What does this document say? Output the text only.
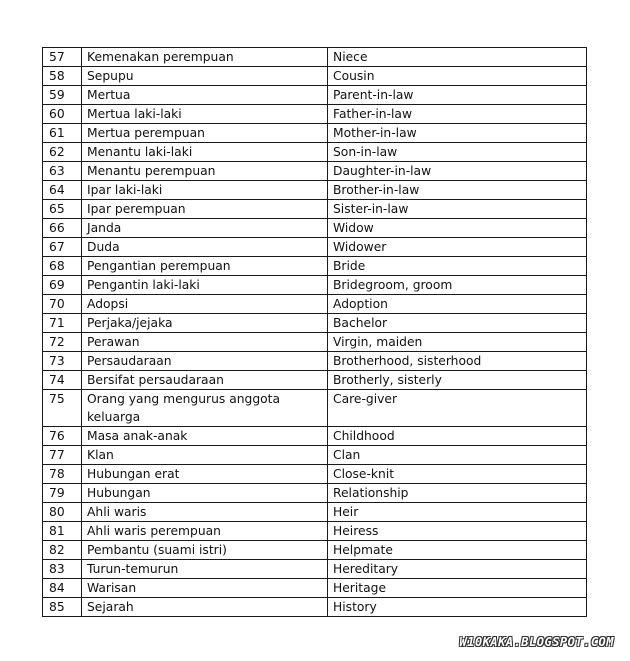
57	Kemenakan perempuan	Niece
58	Sepupu	Cousin
59	Mertua	Parent-in-law
60	Mertua laki-laki	Father-in-law
61	Mertua perempuan	Mother-in-law
62	Menantu laki-laki	Son-in-law
63	Menantu perempuan	Daughter-in-law
64	Ipar laki-laki	Brother-in-law
65	Ipar perempuan	Sister-in-law
66	Janda	Widow
67	Duda	Widower
68	Pengantian perempuan	Bride
69	Pengantin laki-laki	Bridegroom, groom
70	Adopsi	Adoption
71	Perjaka/jejaka	Bachelor
72	Perawan	Virgin, maiden
73	Persaudaraan	Brotherhood, sisterhood
74	Bersifat persaudaraan	Brotherly, sisterly
75	Orang yang mengurus anggota keluarga	Care-giver
76	Masa anak-anak	Childhood
77	Klan	Clan
78	Hubungan erat	Close-knit
79	Hubungan	Relationship
80	Ahli waris	Heir
81	Ahli waris perempuan	Heiress
82	Pembantu (suami istri)	Helpmate
83	Turun-temurun	Hereditary
84	Warisan	Heritage
85	Sejarah	History
W10KAKA.BLOGSPOT.COM
